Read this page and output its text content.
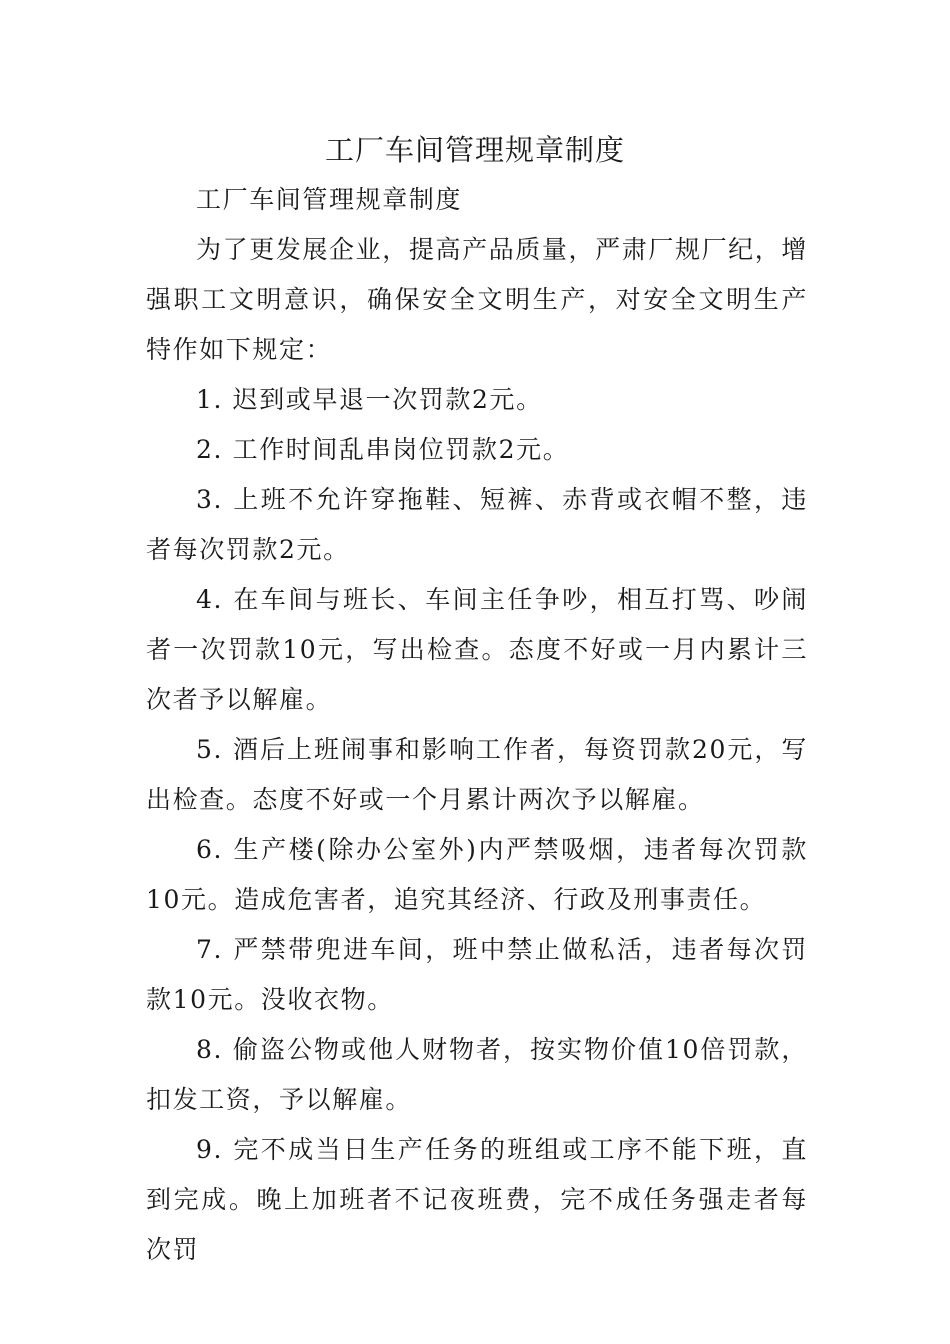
工厂车间管理规章制度

工厂车间管理规章制度

为了更发展企业，提高产品质量，严肃厂规厂纪，增强职工文明意识，确保安全文明生产，对安全文明生产特作如下规定：

1. 迟到或早退一次罚款2元。

2. 工作时间乱串岗位罚款2元。

3. 上班不允许穿拖鞋、短裤、赤背或衣帽不整，违者每次罚款2元。

4. 在车间与班长、车间主任争吵，相互打骂、吵闹者一次罚款10元，写出检查。态度不好或一月内累计三次者予以解雇。

5. 酒后上班闹事和影响工作者，每资罚款20元，写出检查。态度不好或一个月累计两次予以解雇。

6. 生产楼(除办公室外)内严禁吸烟，违者每次罚款10元。造成危害者，追究其经济、行政及刑事责任。

7. 严禁带兜进车间，班中禁止做私活，违者每次罚款10元。没收衣物。

8. 偷盗公物或他人财物者，按实物价值10倍罚款，扣发工资，予以解雇。

9. 完不成当日生产任务的班组或工序不能下班，直到完成。晚上加班者不记夜班费，完不成任务强走者每次罚
